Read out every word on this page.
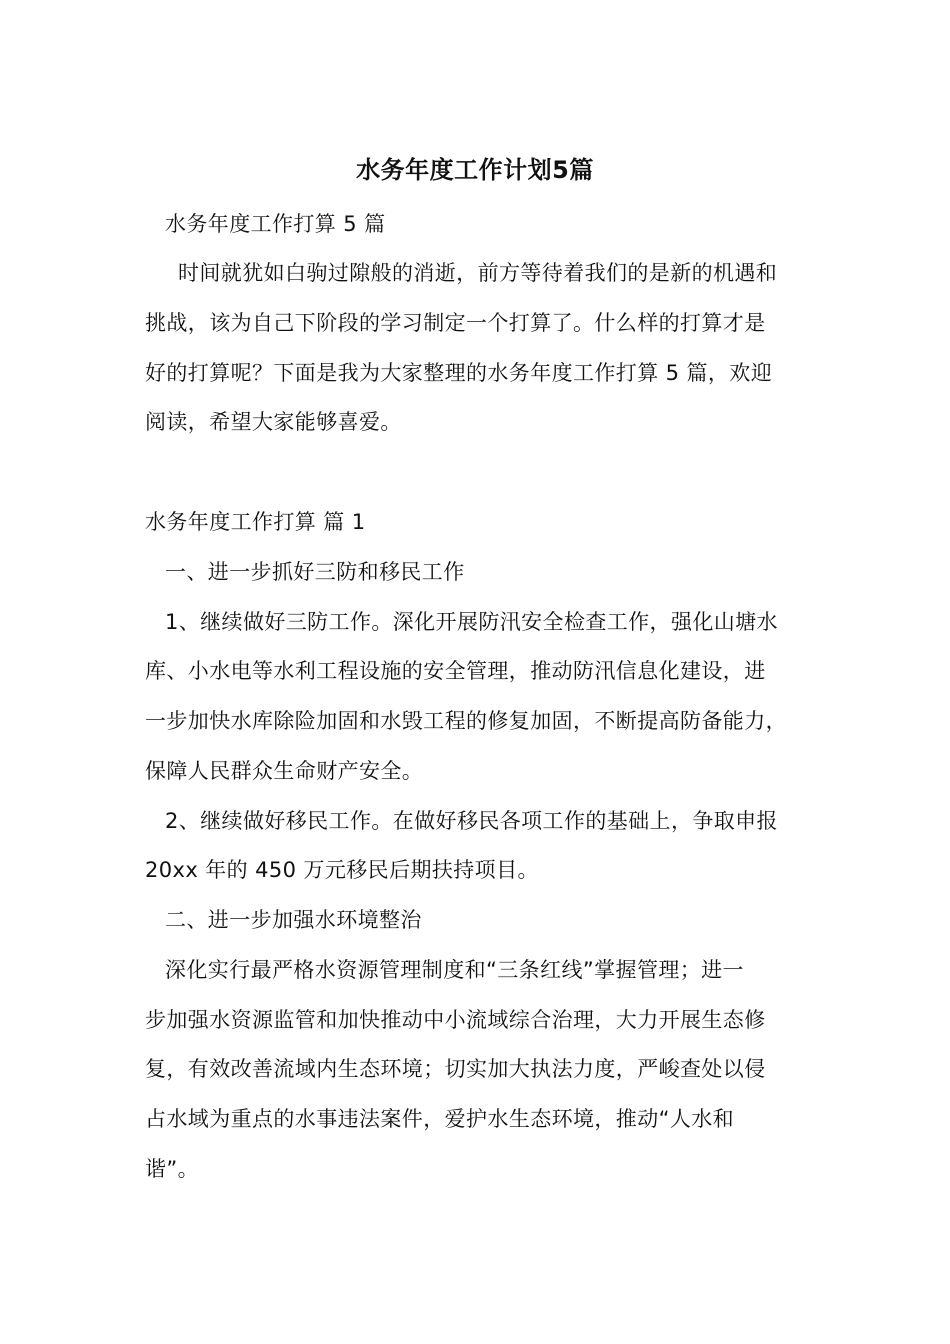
水务年度工作计划5篇
水务年度工作打算 5 篇
时间就犹如白驹过隙般的消逝，前方等待着我们的是新的机遇和
挑战，该为自己下阶段的学习制定一个打算了。什么样的打算才是
好的打算呢？下面是我为大家整理的水务年度工作打算 5 篇，欢迎
阅读，希望大家能够喜爱。
水务年度工作打算 篇 1
一、进一步抓好三防和移民工作
1、继续做好三防工作。深化开展防汛安全检查工作，强化山塘水
库、小水电等水利工程设施的安全管理，推动防汛信息化建设，进
一步加快水库除险加固和水毁工程的修复加固，不断提高防备能力，
保障人民群众生命财产安全。
2、继续做好移民工作。在做好移民各项工作的基础上，争取申报
20xx 年的 450 万元移民后期扶持项目。
二、进一步加强水环境整治
深化实行最严格水资源管理制度和“三条红线”掌握管理；进一
步加强水资源监管和加快推动中小流域综合治理，大力开展生态修
复，有效改善流域内生态环境；切实加大执法力度，严峻查处以侵
占水域为重点的水事违法案件，爱护水生态环境，推动“人水和
谐”。
